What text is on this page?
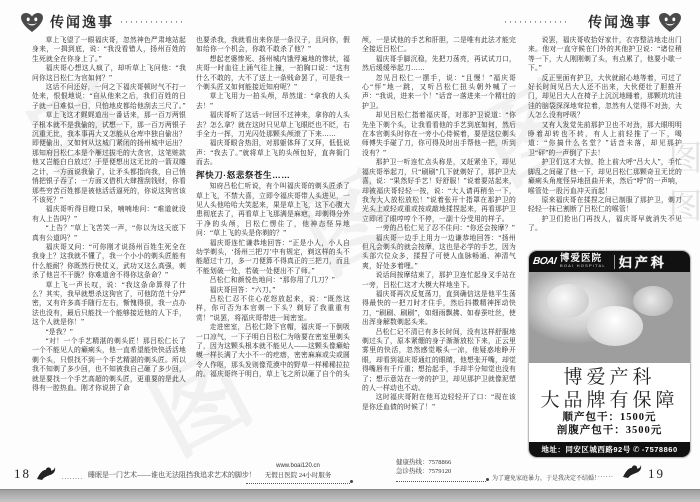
图图
传闻逸事 ·············	传闻逸事
·············

草上飞望了一眼福庆哥，忽然神色严肃地站起身来，一揖到底，说：“我没看错人，扬州百姓的生死就全在你身上了。”

福庆哥心想这人疯了，却听草上飞问他：“我问你这吕松仁为官如何？”

这话不问还好，一问之下福庆哥顿时气不打一处来，恨恨地说：“自从他来之后，我们百姓的日子就一日难似一日，只怕地皮都给他刮去三尺了。”

草上飞这才娓娓道出一番话来，那一百万两银子根本就不是我偷的，试想一下，那一百万两银子沉重无比，我本事再大又怎能从仓库中独自偷出？即便偷出，又如何从这城门紧闭的扬州城中运出？那知府吕松仁本是个雁过拔毛的大贪官，这笔赃款他又岂能白白放过？于是便想出这无比的一箭双雕之计，一方面说我偷了，让矛头都指向我，自己悄悄把银子吞了；一方面又借机大肆搜刮钱财，你看那些穷苦百姓都是被他活活逼死的，你说这狗官该不该死？”

福庆哥听得目瞪口呆，喃喃地问：“难道就没有人上告吗？”

“上告？”草上飞苦笑一声，“你以为这天底下真有公道吗？”

福庆哥又问：“可你刚才说扬州百姓生死全在我身上？这我就不懂了，我一个小小的剃头匠能有什么能耐？你既然行侠仗义，武功又这么高强，刺杀了他岂不干脆？你难道舍不得你这条命？”

草上飞一声长叹，说：“我这条命算得了什么？其实，我早就想杀这狗官了，可他防范十分严密，又有许多高手随行左右，惭愧得很，我一点办法也没有，最后只能找一个能够接近他的人下手，这个人就是你！”

“是我？”

“对！一个手艺精湛的剃头匠！那吕松仁长了一个不能见人的癞痢头，他一直希望能快快活活地剃个头，只恨找不到一个手艺精湛的剃头匠。所以我不知剃了多少回，也不知被我自己砸了多少回，就是要找一个手艺高超的剃头匠，更重要的是此人得有一腔热血。刚才你说拼了命

也要杀我，我就看出来你是一条汉子，且问你，假如给你一个机会，你敢不敢杀了他？”

想起老婆惨死、扬州城内饿殍遍地的惨状，福庆哥一时血往上涌气往上撞，一拍胸口说：“这有什么不敢的，大不了送上一条贱命罢了，可是我一个剃头匠又如何能接近知府呢？”

草上飞用力一拍头颅，昂然道：“拿我的人头去！”

福庆哥听了这话一时回不过神来，拿你的人头去？怎么拿？就在这时只见草上飞眼眨也不眨，右手全力一挥，刀光闪处那颗头颅滚了下来……

福庆哥眼含热泪，对那躯体拜了又拜，低低说声：“我去了。”就将草上飞的头颅包好，直奔衙门而去。

挥快刀·怒悲祭苍生……

知府吕松仁听说，有个叫福庆哥的剃头匠杀了草上飞，不禁大喜，立即令福庆哥带人头进见，一见人头他哈哈大笑起来，果是草上飞，这下心腹大患彻底去了，再看草上飞那满是麻疤，却剃得分外干净的头颅，吕松仁愣住了，他神态怪异地问：“草上飞的头是你剃的？”

福庆哥连忙谦恭地回答：“正是小人，小人自幼学剃头，‘扬州三把刀’中有规定，剃这样的头不能超过十刀，多一刀便算不得真正的三把刀，而且不能划破一处，若破一处便出不了师。”

吕松仁和颜悦色地问：“那你用了几刀？”

福庆哥回答：“六刀。”

吕松仁忍不住心花怒放起来，说：“既然这样，你可否为本官剃一下头？剃好了我重重有赏！”说罢，将福庆哥带进一间密室。

走进密室，吕松仁除下官帽，福庆哥一下倒吸一口凉气，一下子明白吕松仁为啥要在密室里剃头了，因为这颗头根本就不能见人——这颗头像癞蛤蟆一样长满了大小不一的疙瘩，密密麻麻或尖或圆令人作呕，那头发则像荒漠中的野草一样稀稀拉拉的。福庆哥终于明白，草上飞之所以砸了自个的头

颅，一是试他的手艺和肝胆，二是唯有此法才能完全接近吕松仁。

福庆哥手脚沉稳，先把刀荡亮，再试试刀口，然后缓缓举起刀……

忽见吕松仁一摆手，说：“且慢！”福庆哥心“怦”地一跳，又听吕松仁扭头朝外喊了一声：“我说，进来一个！”话音一落进来一个精壮的护卫。

却见吕松仁指着福庆哥，对那护卫说道：“你先坐下剃个头，让我看看他的手艺到底如何，然后在本官剃头时你在一旁小心侍候着，要是这位剃头师傅失手碰了刀，你可得及时出手帮他一把，听到没有？”

那护卫一听连忙点头称是，又赶紧坐下，却见福庆哥举起刀，只“刷刷”几下就剃好了，那护卫大喜，说：“果然好手艺！好舒服！”说着要站起来，却被福庆哥轻轻一按，说：“大人请再稍坐一下，我为大人放松放松！”说着张开十指罩在那护卫的光头上或轻或重或按或敲地揉捏起来，再看那护卫立即闭了眼哼哼个不停，一副十分受用的样子。

一旁的吕松仁见了忍不住问：“你还会按摩？”

福庆哥一边手上用力一边谦恭地回答：“扬州但凡会剃头的就会按摩，这也是必学的手艺，因为头部穴位众多，揉捏了可使人血脉畅通、神清气爽，好处多着哩。”

说话间按摩结束了，那护卫连忙起身叉手站在一旁，吕松仁这才大模大样地坐下。

福庆哥再次反复荡刀，直到确信这是他平生荡得最快的一把刀时才住手，然后抖擞精神挥动快刀，“刷刷、刷刷”，如细雨飘拂、如春蚕吐丝，使出浑身解数剃起头来。

吕松仁记不清已有多长时间，没有这样舒服地剃过头了，原本紧绷的身子渐渐放松下来，正云里雾里的快活，忽然感觉喉头一凉，他疑惑地睁开眼，却看到福庆哥通红的眼睛，他想张开嘴，却觉得嘴唇有千斤重；想抬起手，手却半分知觉也没有了；想示意站在一旁的护卫，却见那护卫就像泥塑的人一样动也不动。

这时福庆哥附在他耳边轻轻开了口：“现在该是你还血债的时候了！”

说罢，福庆哥收拾好家什，衣容整洁地走出门来。他对一直守候在门外的其他护卫说：“诸位稍等一下，大人刚刚剃了头，有点累了，他要小歇一下。”

反正里面有护卫，大伙就耐心地等着，可过了好长时间见吕大人还不出来，大伙便壮了胆推开门，却见吕大人在椅子上沉沉地睡着，那颗坑坑洼洼的脑袋深深地耷拉着，忽然有人觉得不对劲，大人怎么没有呼吸？

又有人发觉先前那护卫也不对劲，那大眼明明睁着却转也不转，有人上前轻推了一下，喝道：“你搞什么名堂？”话音未落，却见那护卫“砰”的一声倒了下去！

护卫们这才大惊，抢上前大呼“吕大人”，手忙脚乱之间碰了他一下，却见吕松仁那颗奇丑无比的癞痢头角度怪异地扭曲开来，然后“呼”的一声响，喉管处一股污血冲天而起！

原来福庆哥在揉捏之间已制服了那护卫，剃刀轻轻一抹已割断了吕松仁的喉管！

护卫们抢出门再找人，福庆哥早就消失不见了。

BOAI 博爱医院
BOAI HOSPITAL 妇产科
博爱产科
大品牌有保障
顺产包干：1500元
剖腹产包干：3500元
地址：同安区城西路92号 ✆ -7578860
18	........ 睡眠是一门艺术——谁也无法阻挡我追求艺术的脚步！
www.boai120.cn
无假日医院 24小时服务
健康热线：7578866
急诊热线：7579120
为了避免家庭暴力，于是我决定不结婚！
......	19
